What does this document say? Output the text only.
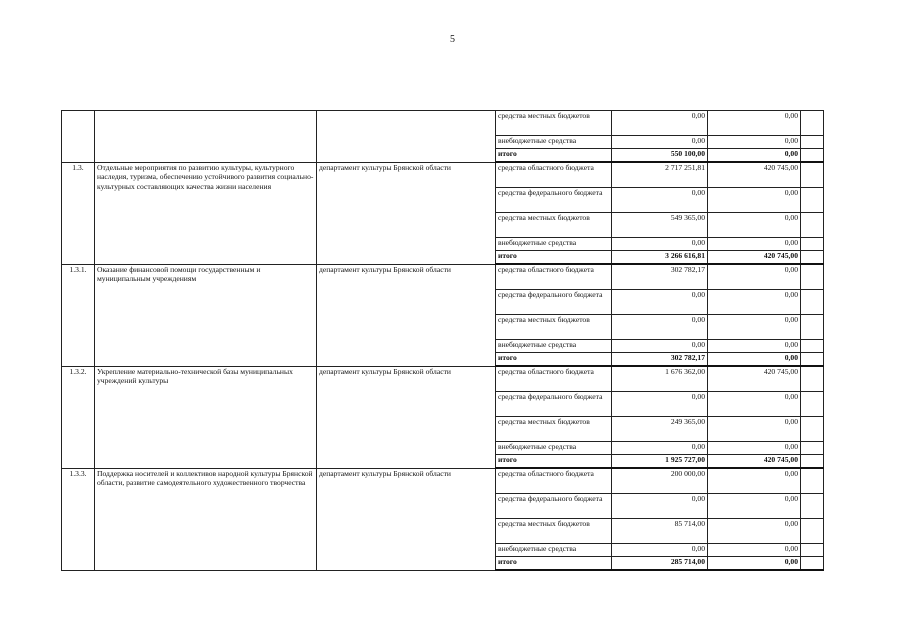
5
			средства местных бюджетов	0,00	0,00	
			внебюджетные средства	0,00	0,00	
			итого	550 100,00	0,00	
1.3.	Отдельные мероприятия по развитию культуры, культурного наследия, туризма, обеспечению устойчивого развития социально-культурных составляющих качества жизни населения	департамент культуры Брянской области	средства областного бюджета	2 717 251,81	420 745,00	
			средства федерального бюджета	0,00	0,00	
			средства местных бюджетов	549 365,00	0,00	
			внебюджетные средства	0,00	0,00	
			итого	3 266 616,81	420 745,00	
1.3.1.	Оказание финансовой помощи государственным и муниципальным учреждениям	департамент культуры Брянской области	средства областного бюджета	302 782,17	0,00	
			средства федерального бюджета	0,00	0,00	
			средства местных бюджетов	0,00	0,00	
			внебюджетные средства	0,00	0,00	
			итого	302 782,17	0,00	
1.3.2.	Укрепление материально-технической базы муниципальных учреждений культуры	департамент культуры Брянской области	средства областного бюджета	1 676 362,00	420 745,00	
			средства федерального бюджета	0,00	0,00	
			средства местных бюджетов	249 365,00	0,00	
			внебюджетные средства	0,00	0,00	
			итого	1 925 727,00	420 745,00	
1.3.3.	Поддержка носителей и коллективов народной культуры Брянской области, развитие самодеятельного художественного творчества	департамент культуры Брянской области	средства областного бюджета	200 000,00	0,00	
			средства федерального бюджета	0,00	0,00	
			средства местных бюджетов	85 714,00	0,00	
			внебюджетные средства	0,00	0,00	
			итого	285 714,00	0,00	
